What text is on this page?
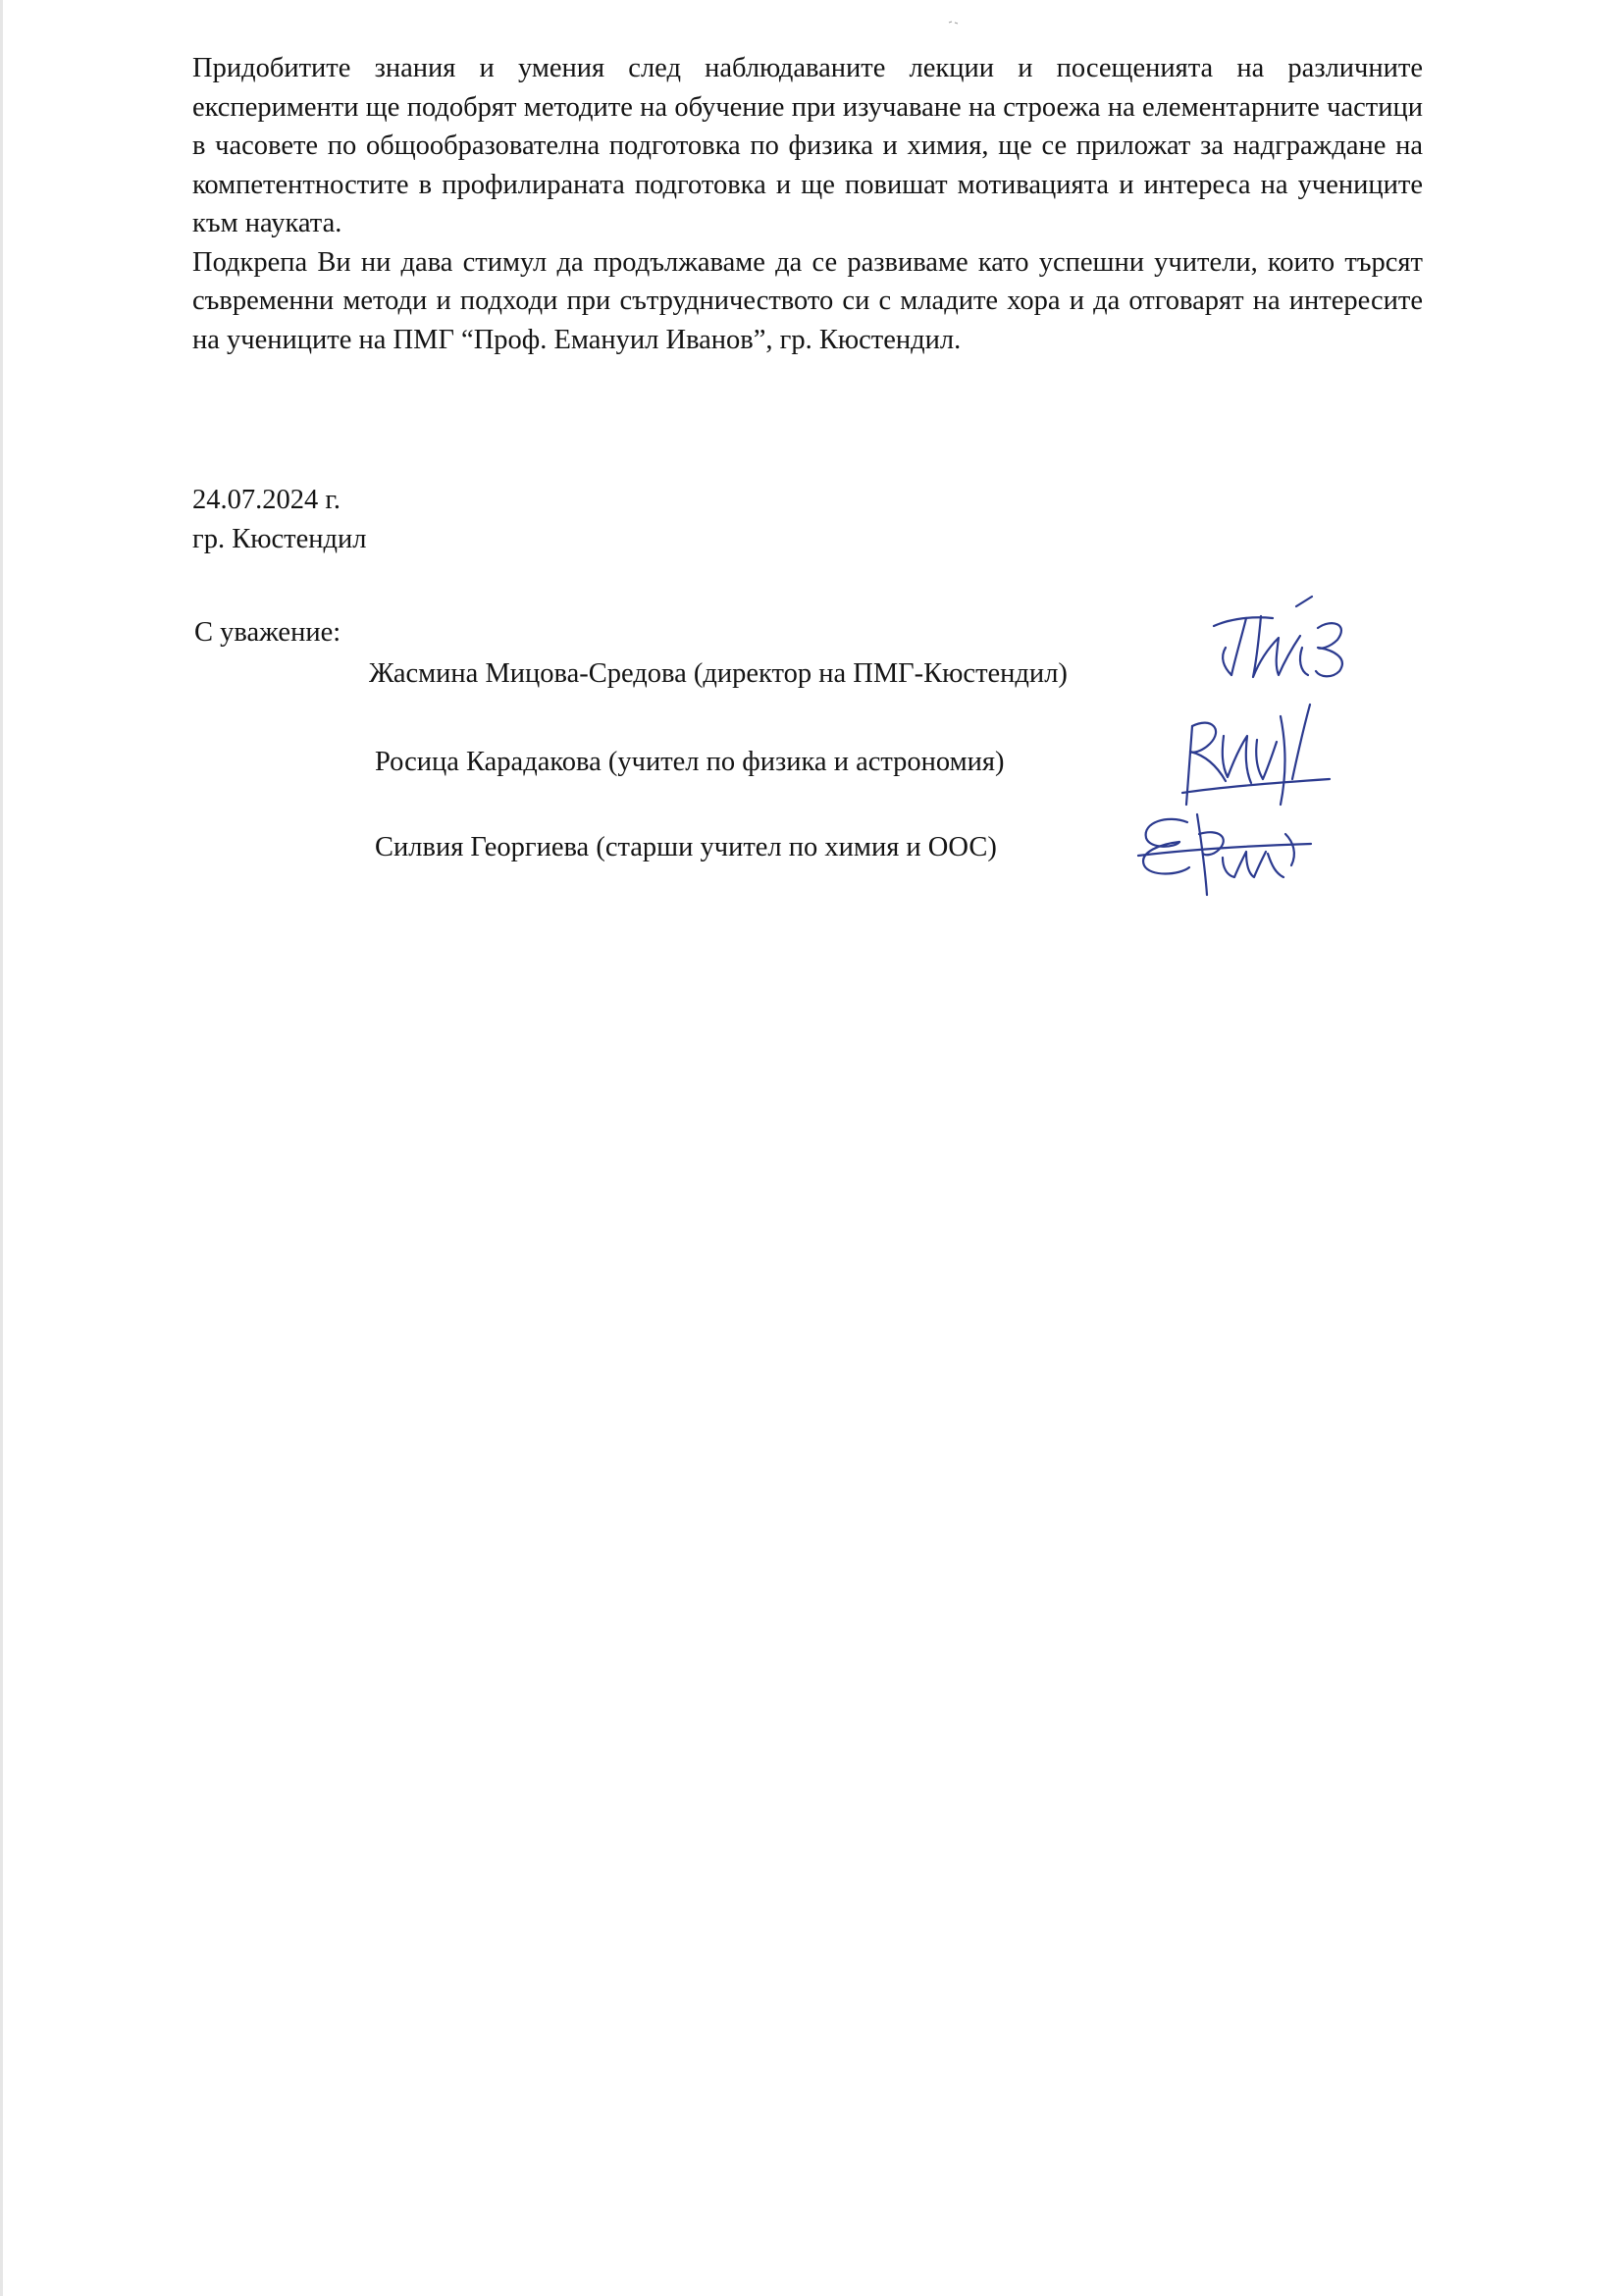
Придобитите знания и умения след наблюдаваните лекции и посещенията на различните експерименти ще подобрят методите на обучение при изучаване на строежа на елементарните частици в часовете по общообразователна подготовка по физика и химия, ще се приложат за надграждане на компетентностите в профилираната подготовка и ще повишат мотивацията и интереса на учениците към науката.

Подкрепа Ви ни дава стимул да продължаваме да се развиваме като успешни учители, които търсят съвременни методи и подходи при сътрудничеството си с младите хора и да отговарят на интересите на учениците на ПМГ “Проф. Емануил Иванов”, гр. Кюстендил.

24.07.2024 г.
гр. Кюстендил
С уважение:
Жасмина Мицова-Средова (директор на ПМГ-Кюстендил)
Росица Карадакова (учител по физика и астрономия)
Силвия Георгиева (старши учител по химия и ООС)
